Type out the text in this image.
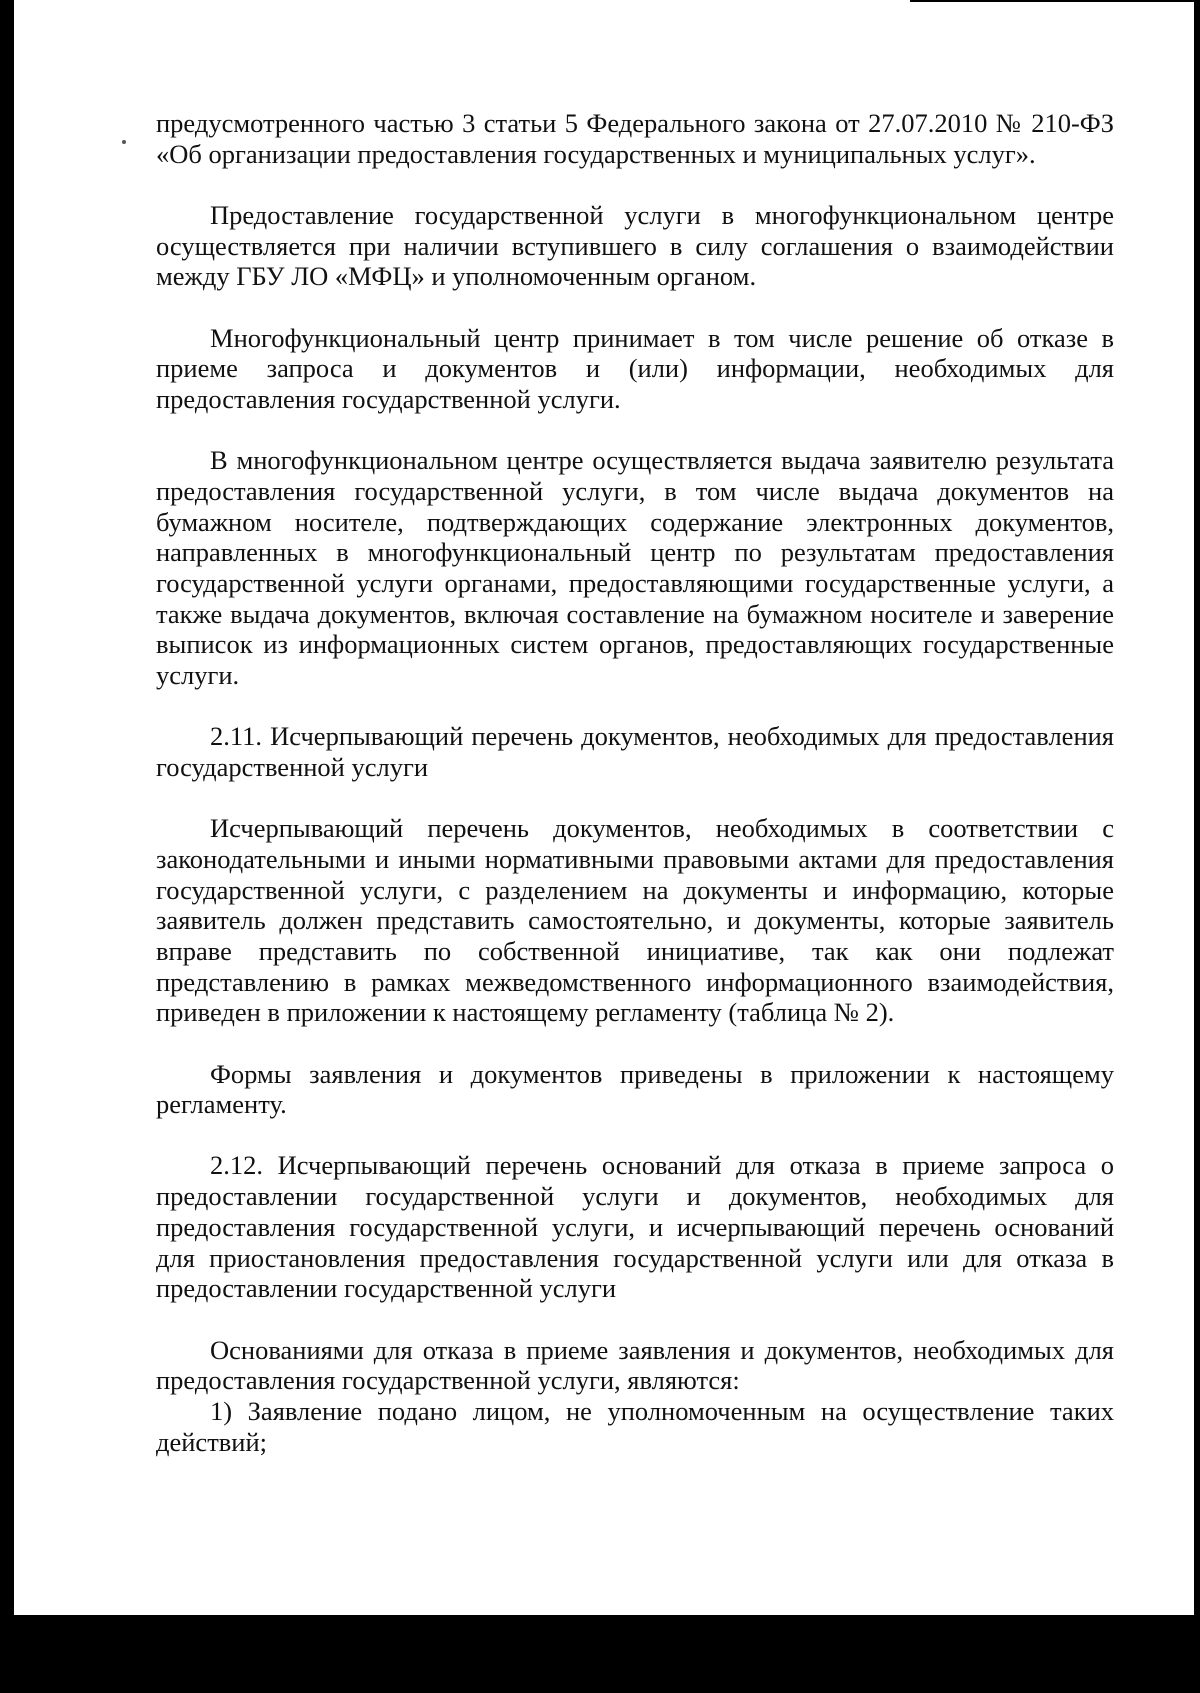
предусмотренного частью 3 статьи 5 Федерального закона от 27.07.2010 № 210-ФЗ «Об организации предоставления государственных и муниципальных услуг».

Предоставление государственной услуги в многофункциональном центре осуществляется при наличии вступившего в силу соглашения о взаимодействии между ГБУ ЛО «МФЦ» и уполномоченным органом.

Многофункциональный центр принимает в том числе решение об отказе в приеме запроса и документов и (или) информации, необходимых для предоставления государственной услуги.

В многофункциональном центре осуществляется выдача заявителю результата предоставления государственной услуги, в том числе выдача документов на бумажном носителе, подтверждающих содержание электронных документов, направленных в многофункциональный центр по результатам предоставления государственной услуги органами, предоставляющими государственные услуги, а также выдача документов, включая составление на бумажном носителе и заверение выписок из информационных систем органов, предоставляющих государственные услуги.

2.11. Исчерпывающий перечень документов, необходимых для предоставления государственной услуги

Исчерпывающий перечень документов, необходимых в соответствии с законодательными и иными нормативными правовыми актами для предоставления государственной услуги, с разделением на документы и информацию, которые заявитель должен представить самостоятельно, и документы, которые заявитель вправе представить по собственной инициативе, так как они подлежат представлению в рамках межведомственного информационного взаимодействия, приведен в приложении к настоящему регламенту (таблица № 2).

Формы заявления и документов приведены в приложении к настоящему регламенту.

2.12. Исчерпывающий перечень оснований для отказа в приеме запроса о предоставлении государственной услуги и документов, необходимых для предоставления государственной услуги, и исчерпывающий перечень оснований для приостановления предоставления государственной услуги или для отказа в предоставлении государственной услуги

Основаниями для отказа в приеме заявления и документов, необходимых для предоставления государственной услуги, являются:

1) Заявление подано лицом, не уполномоченным на осуществление таких действий;
